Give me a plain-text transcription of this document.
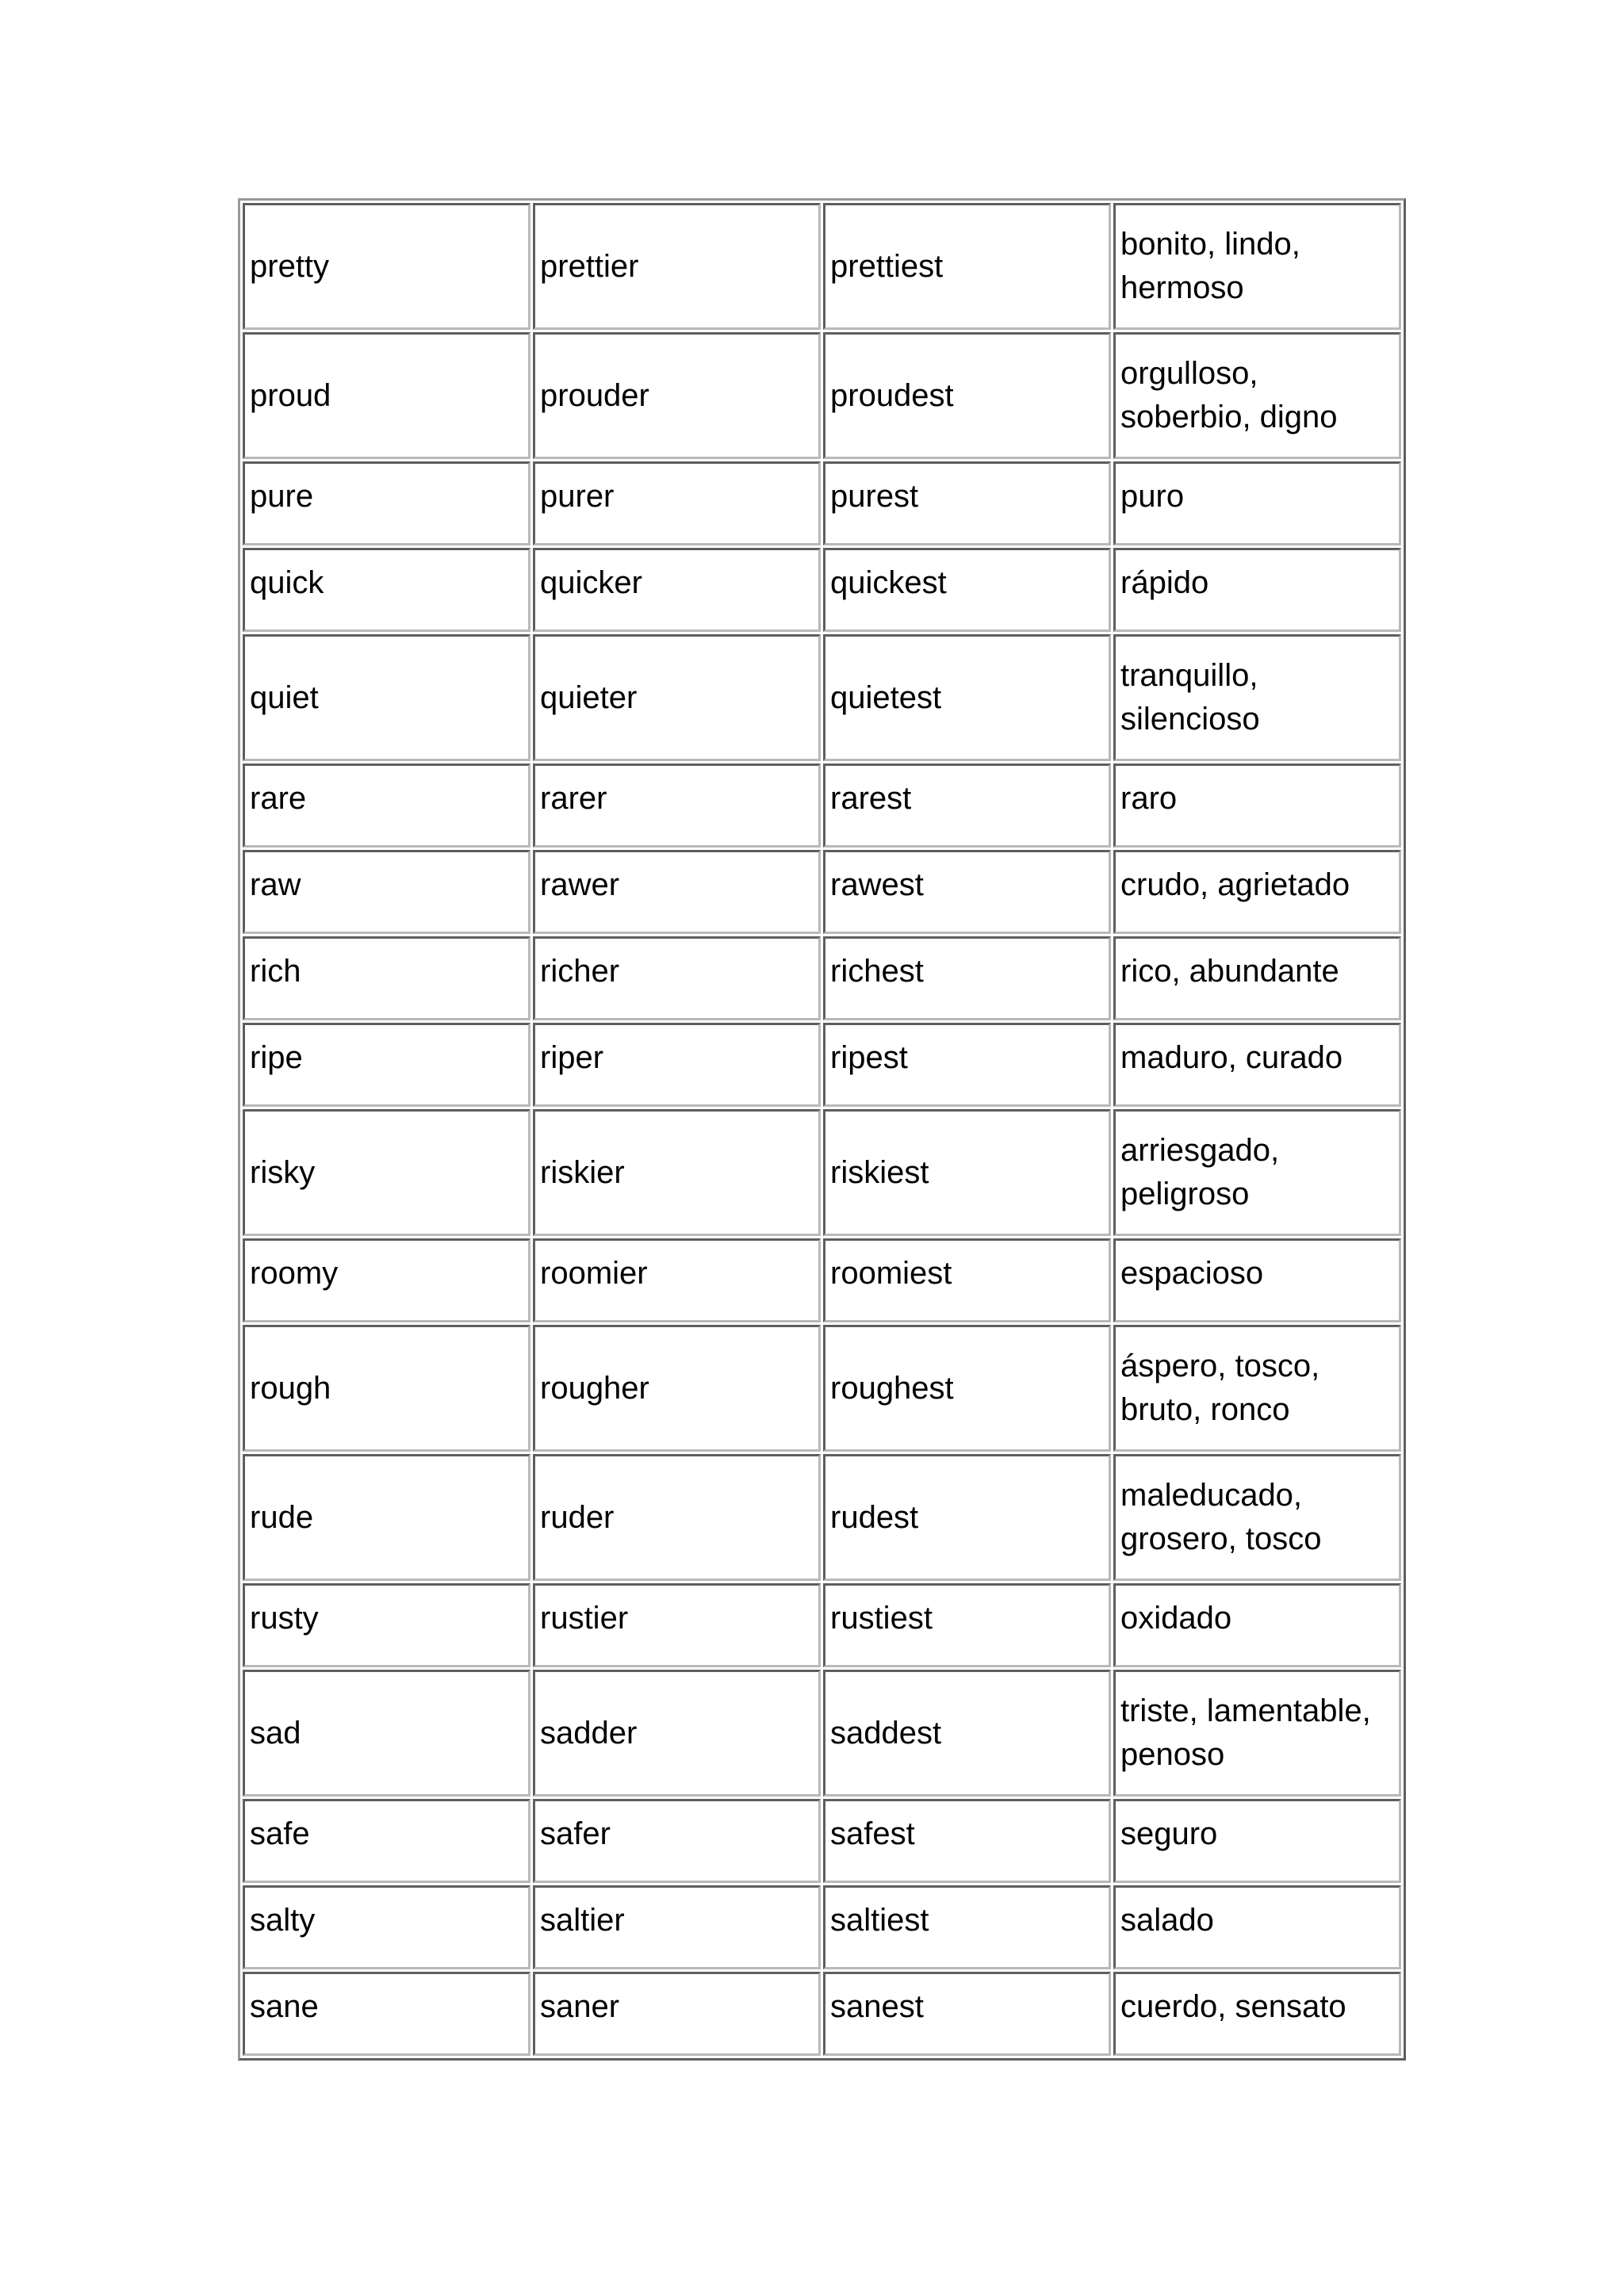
pretty	prettier	prettiest	bonito, lindo, hermoso

proud	prouder	proudest	orgulloso, soberbio, digno

pure	purer	purest	puro

quick	quicker	quickest	rápido

quiet	quieter	quietest	tranquillo, silencioso

rare	rarer	rarest	raro

raw	rawer	rawest	crudo, agrietado

rich	richer	richest	rico, abundante

ripe	riper	ripest	maduro, curado

risky	riskier	riskiest	arriesgado, peligroso

roomy	roomier	roomiest	espacioso

rough	rougher	roughest	áspero, tosco, bruto, ronco

rude	ruder	rudest	maleducado, grosero, tosco

rusty	rustier	rustiest	oxidado

sad	sadder	saddest	triste, lamentable, penoso

safe	safer	safest	seguro

salty	saltier	saltiest	salado

sane	saner	sanest	cuerdo, sensato
